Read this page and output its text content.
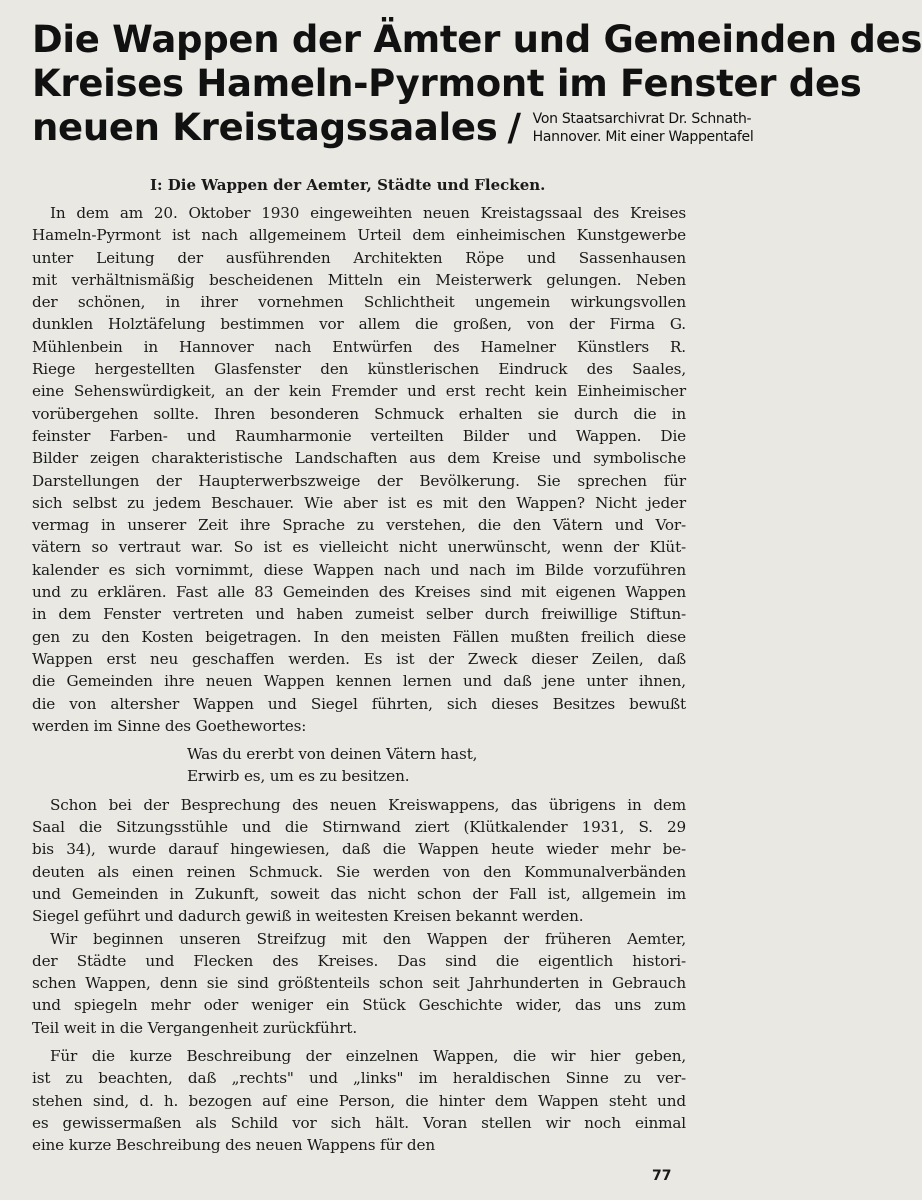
Die Wappen der Ämter und Gemeinden des
Kreises Hameln-Pyrmont im Fenster des
neuen Kreistagssaales / Von Staatsarchivrat Dr. Schnath-
Hannover. Mit einer Wappentafel
I: Die Wappen der Aemter, Städte und Flecken.
In dem am 20. Oktober 1930 eingeweihten neuen Kreistagssaal des Kreises
Hameln-Pyrmont ist nach allgemeinem Urteil dem einheimischen Kunstgewerbe
unter Leitung der ausführenden Architekten Röpe und Sassenhausen
mit verhältnismäßig bescheidenen Mitteln ein Meisterwerk gelungen. Neben
der schönen, in ihrer vornehmen Schlichtheit ungemein wirkungsvollen
dunklen Holztäfelung bestimmen vor allem die großen, von der Firma G.
Mühlenbein in Hannover nach Entwürfen des Hamelner Künstlers R.
Riege hergestellten Glasfenster den künstlerischen Eindruck des Saales,
eine Sehenswürdigkeit, an der kein Fremder und erst recht kein Einheimischer
vorübergehen sollte. Ihren besonderen Schmuck erhalten sie durch die in
feinster Farben- und Raumharmonie verteilten Bilder und Wappen. Die
Bilder zeigen charakteristische Landschaften aus dem Kreise und symbolische
Darstellungen der Haupterwerbszweige der Bevölkerung. Sie sprechen für
sich selbst zu jedem Beschauer. Wie aber ist es mit den Wappen? Nicht jeder
vermag in unserer Zeit ihre Sprache zu verstehen, die den Vätern und Vor-
vätern so vertraut war. So ist es vielleicht nicht unerwünscht, wenn der Klüt-
kalender es sich vornimmt, diese Wappen nach und nach im Bilde vorzuführen
und zu erklären. Fast alle 83 Gemeinden des Kreises sind mit eigenen Wappen
in dem Fenster vertreten und haben zumeist selber durch freiwillige Stiftun-
gen zu den Kosten beigetragen. In den meisten Fällen mußten freilich diese
Wappen erst neu geschaffen werden. Es ist der Zweck dieser Zeilen, daß
die Gemeinden ihre neuen Wappen kennen lernen und daß jene unter ihnen,
die von altersher Wappen und Siegel führten, sich dieses Besitzes bewußt
werden im Sinne des Goethewortes:
Was du ererbt von deinen Vätern hast,
Erwirb es, um es zu besitzen.
Schon bei der Besprechung des neuen Kreiswappens, das übrigens in dem
Saal die Sitzungsstühle und die Stirnwand ziert (Klütkalender 1931, S. 29
bis 34), wurde darauf hingewiesen, daß die Wappen heute wieder mehr be-
deuten als einen reinen Schmuck. Sie werden von den Kommunalverbänden
und Gemeinden in Zukunft, soweit das nicht schon der Fall ist, allgemein im
Siegel geführt und dadurch gewiß in weitesten Kreisen bekannt werden.
Wir beginnen unseren Streifzug mit den Wappen der früheren Aemter,
der Städte und Flecken des Kreises. Das sind die eigentlich histori-
schen Wappen, denn sie sind größtenteils schon seit Jahrhunderten in Gebrauch
und spiegeln mehr oder weniger ein Stück Geschichte wider, das uns zum
Teil weit in die Vergangenheit zurückführt.
Für die kurze Beschreibung der einzelnen Wappen, die wir hier geben,
ist zu beachten, daß „rechts" und „links" im heraldischen Sinne zu ver-
stehen sind, d. h. bezogen auf eine Person, die hinter dem Wappen steht und
es gewissermaßen als Schild vor sich hält. Voran stellen wir noch einmal
eine kurze Beschreibung des neuen Wappens für den
77
